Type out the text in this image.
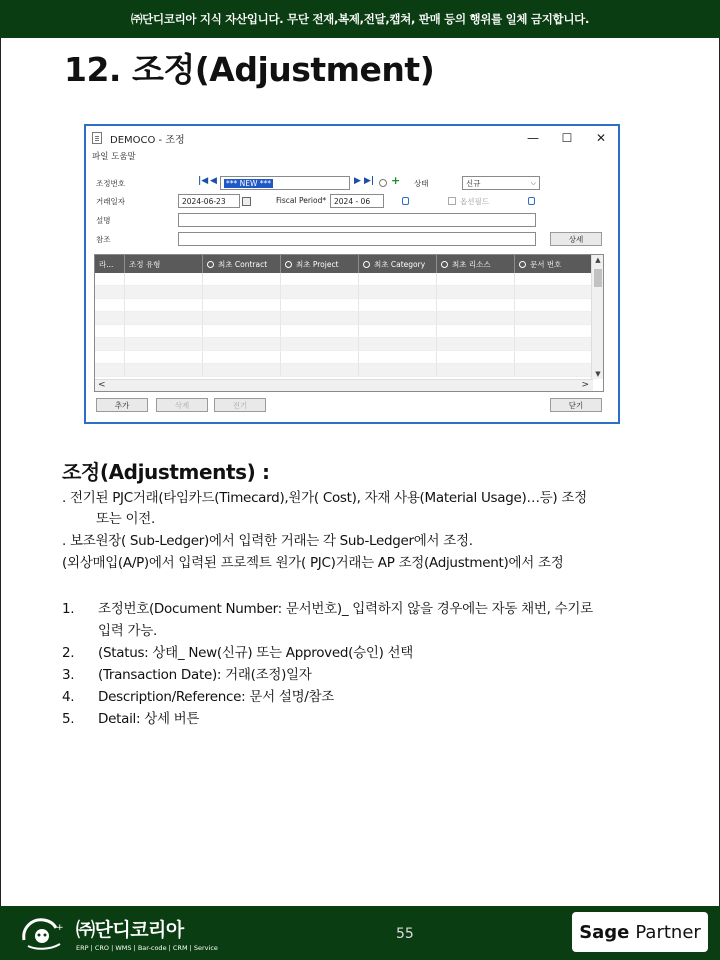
㈜단디코리아 지식 자산입니다. 무단 전재,복제,전달,캡쳐, 판매 등의 행위를 일체 금지합니다.
12. 조정(Adjustment)
DEMOCO - 조정	—	☐	✕
파일 도움말
조정번호	|◀ ◀ *** NEW ***	▶ ▶| + 상태	신규	⌵
거래일자	2024-06-23	Fiscal Period* 2024 - 06	옵션필드
설명
참조	상세
라... 조정 유형	최초 Contract	최초 Project	최초 Category	최초 리소스	문서 번호	▲
▼
<	>
추가	삭제	전기	닫기
조정(Adjustments) :
. 전기된 PJC거래(타임카드(Timecard),원가( Cost), 자재 사용(Material Usage)…등) 조정
또는 이전.
. 보조원장( Sub-Ledger)에서 입력한 거래는 각 Sub-Ledger에서 조정.
(외상매입(A/P)에서 입력된 프로젝트 원가( PJC)거래는 AP 조정(Adjustment)에서 조정
1.	조정번호(Document Number: 문서번호)_ 입력하지 않을 경우에는 자동 채번, 수기로
입력 가능.
2.	(Status: 상태_ New(신규) 또는 Approved(승인) 선택
3.	(Transaction Date): 거래(조정)일자
4.	Description/Reference: 문서 설명/참조
5.	Detail: 상세 버튼
+ ㈜단디코리아
ERP | CRO | WMS | Bar-code | CRM | Service
55	Sage Partner
